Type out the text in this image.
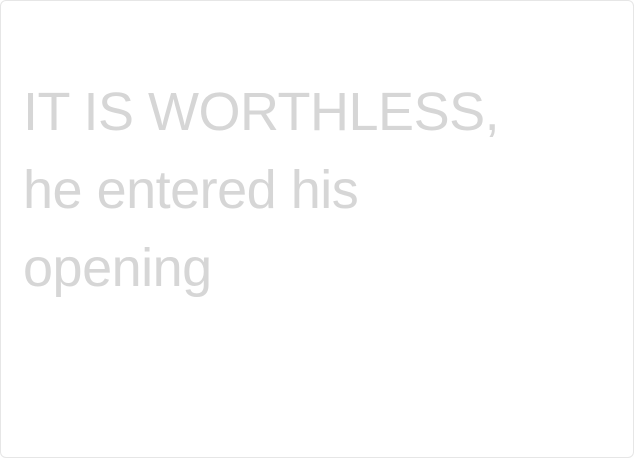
IT IS WORTHLESS,
he entered his
opening
